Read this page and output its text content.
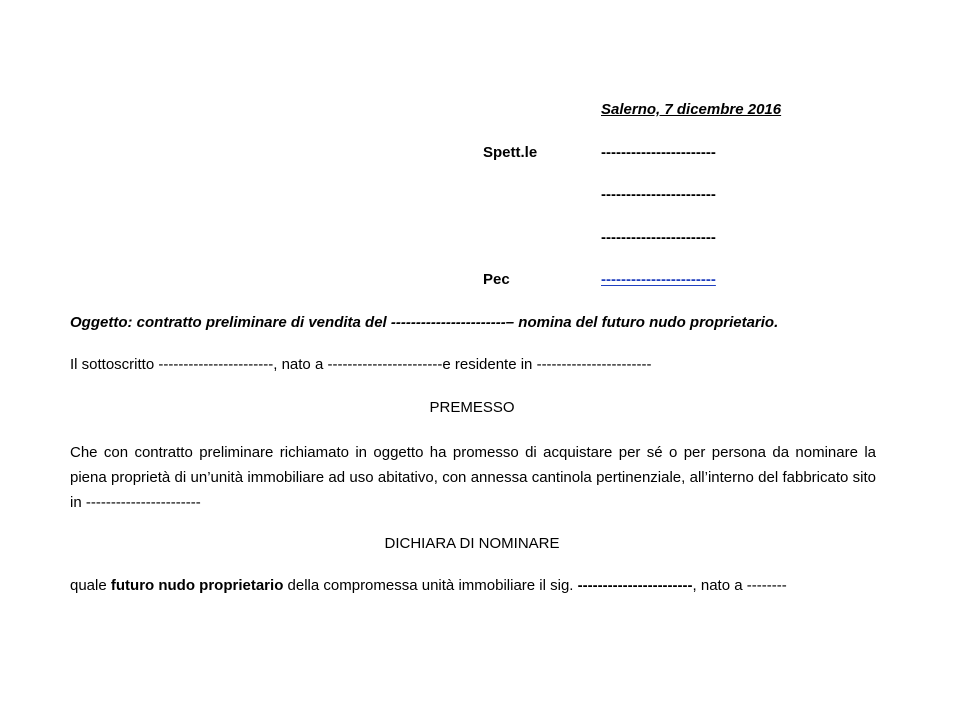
Salerno, 7 dicembre 2016
Spett.le	-----------------------
-----------------------
-----------------------
Pec	-----------------------
Oggetto: contratto preliminare di vendita del -----------------------– nomina del futuro nudo proprietario.
Il sottoscritto -----------------------, nato a -----------------------e residente in -----------------------
PREMESSO
Che con contratto preliminare richiamato in oggetto ha promesso di acquistare per sé o per persona da nominare la piena proprietà di un’unità immobiliare ad uso abitativo, con annessa cantinola pertinenziale, all’interno del fabbricato sito in -----------------------
DICHIARA DI NOMINARE
quale futuro nudo proprietario della compromessa unità immobiliare il sig. -----------------------, nato a --------
